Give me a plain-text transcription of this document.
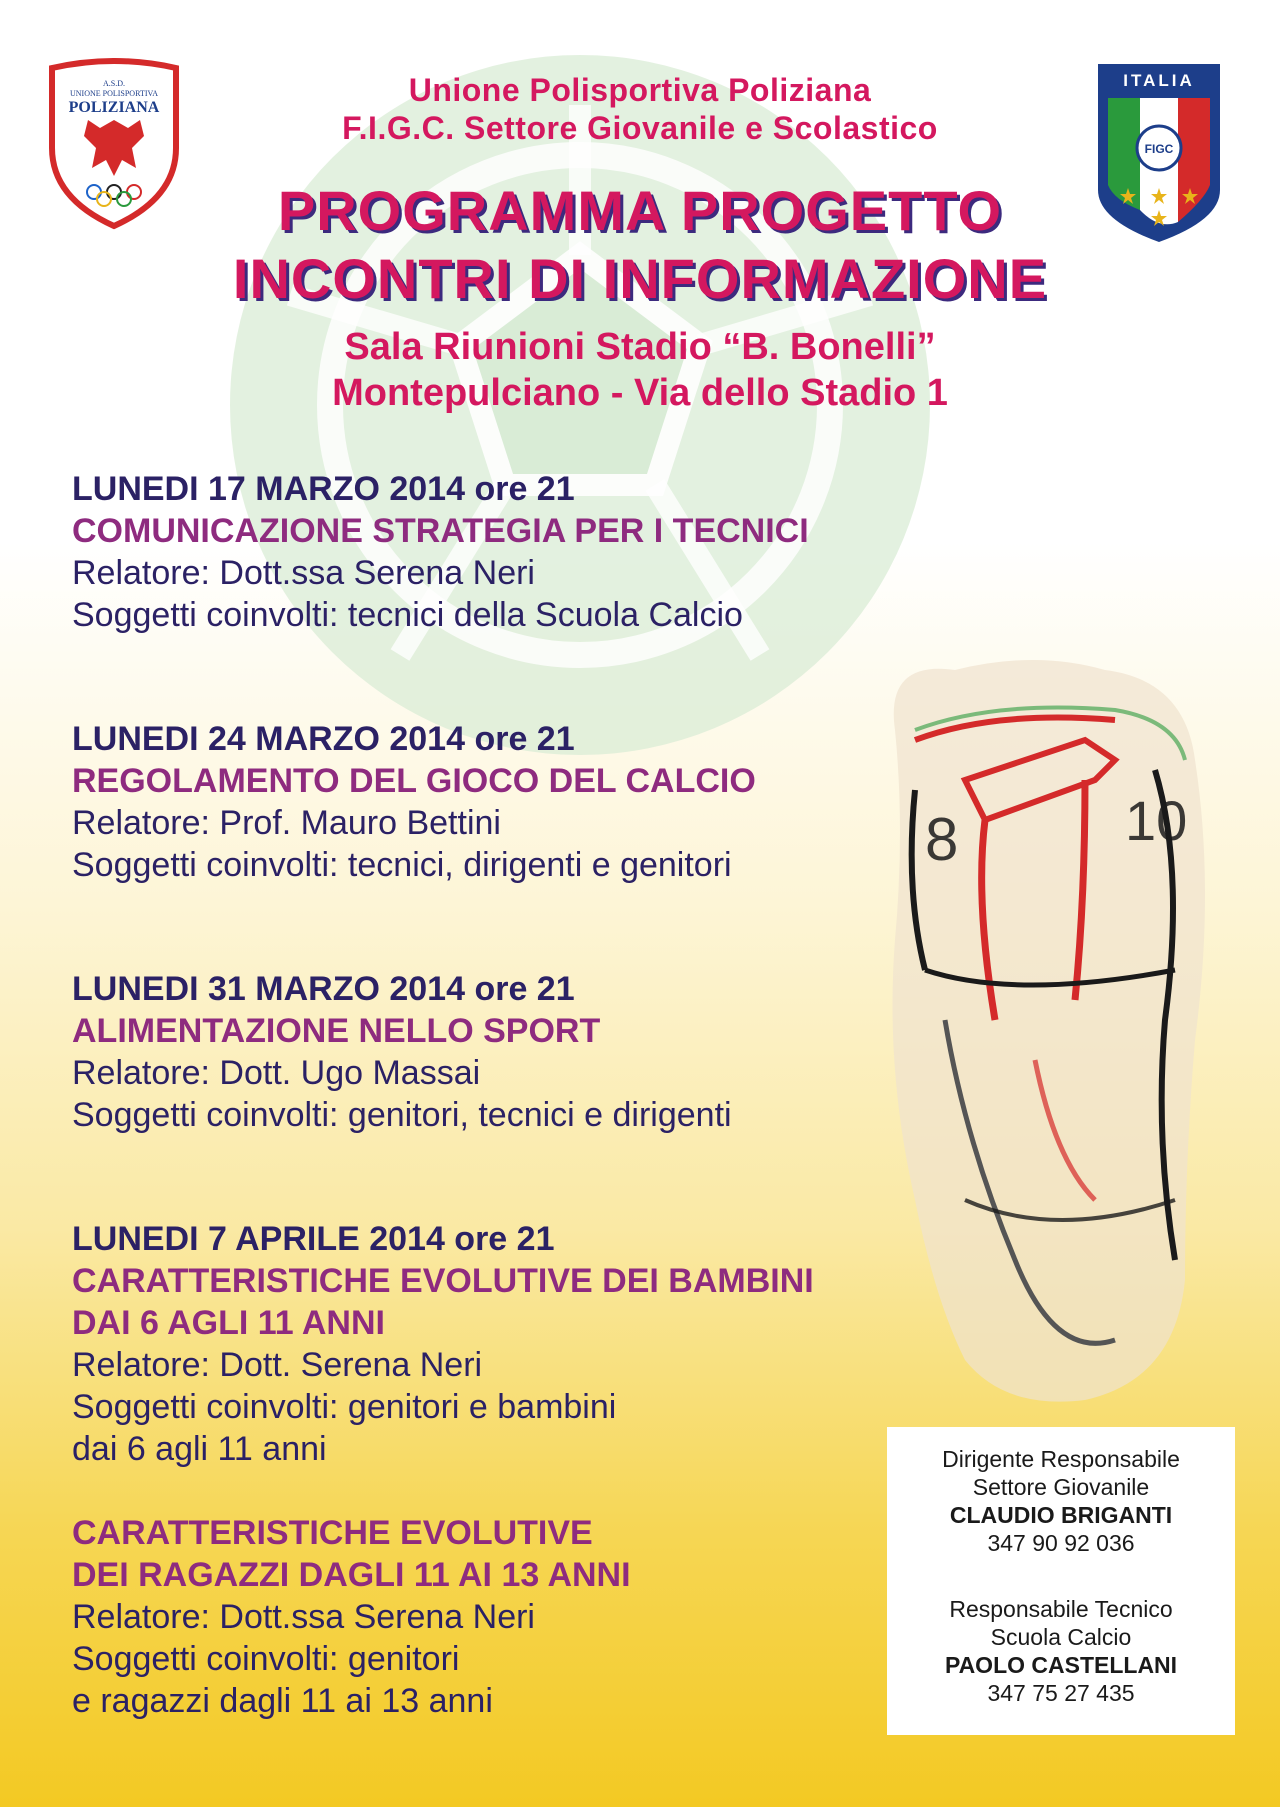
A.S.D.
UNIONE POLISPORTIVA
POLIZIANA
ITALIA
FIGC
Unione Polisportiva Poliziana
F.I.G.C. Settore Giovanile e Scolastico
PROGRAMMA PROGETTO
INCONTRI DI INFORMAZIONE
Sala Riunioni Stadio “B. Bonelli”
Montepulciano - Via dello Stadio 1
8	10
LUNEDI 17 MARZO 2014 ore 21
COMUNICAZIONE STRATEGIA PER I TECNICI
Relatore: Dott.ssa Serena Neri
Soggetti coinvolti: tecnici della Scuola Calcio
LUNEDI 24 MARZO 2014 ore 21
REGOLAMENTO DEL GIOCO DEL CALCIO
Relatore: Prof. Mauro Bettini
Soggetti coinvolti: tecnici, dirigenti e genitori
LUNEDI 31 MARZO 2014 ore 21
ALIMENTAZIONE NELLO SPORT
Relatore: Dott. Ugo Massai
Soggetti coinvolti: genitori, tecnici e dirigenti
LUNEDI 7 APRILE 2014 ore 21
CARATTERISTICHE EVOLUTIVE DEI BAMBINI
DAI 6 AGLI 11 ANNI
Relatore: Dott. Serena Neri
Soggetti coinvolti: genitori e bambini
dai 6 agli 11 anni
CARATTERISTICHE EVOLUTIVE
DEI RAGAZZI DAGLI 11 AI 13 ANNI
Relatore: Dott.ssa Serena Neri
Soggetti coinvolti: genitori
e ragazzi dagli 11 ai 13 anni
Dirigente Responsabile
Settore Giovanile
CLAUDIO BRIGANTI
347 90 92 036
Responsabile Tecnico
Scuola Calcio
PAOLO CASTELLANI
347 75 27 435
